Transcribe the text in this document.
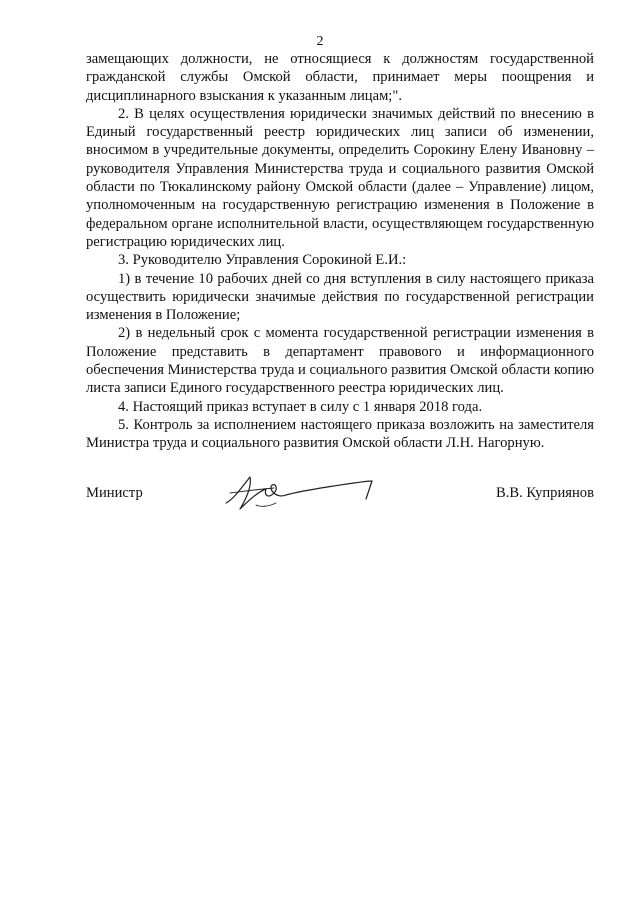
2

замещающих должности, не относящиеся к должностям государственной гражданской службы Омской области, принимает меры поощрения и дисциплинарного взыскания к указанным лицам;".

2. В целях осуществления юридически значимых действий по внесению в Единый государственный реестр юридических лиц записи об изменении, вносимом в учредительные документы, определить Сорокину Елену Ивановну – руководителя Управления Министерства труда и социального развития Омской области по Тюкалинскому району Омской области (далее – Управление) лицом, уполномоченным на государственную регистрацию изменения в Положение в федеральном органе исполнительной власти, осуществляющем государственную регистрацию юридических лиц.

3. Руководителю Управления Сорокиной Е.И.:

1) в течение 10 рабочих дней со дня вступления в силу настоящего приказа осуществить юридически значимые действия по государственной регистрации изменения в Положение;

2) в недельный срок с момента государственной регистрации изменения в Положение представить в департамент правового и информационного обеспечения Министерства труда и социального развития Омской области копию листа записи Единого государственного реестра юридических лиц.

4. Настоящий приказ вступает в силу с 1 января 2018 года.

5. Контроль за исполнением настоящего приказа возложить на заместителя Министра труда и социального развития Омской области Л.Н. Нагорную.

Министр	В.В. Куприянов
